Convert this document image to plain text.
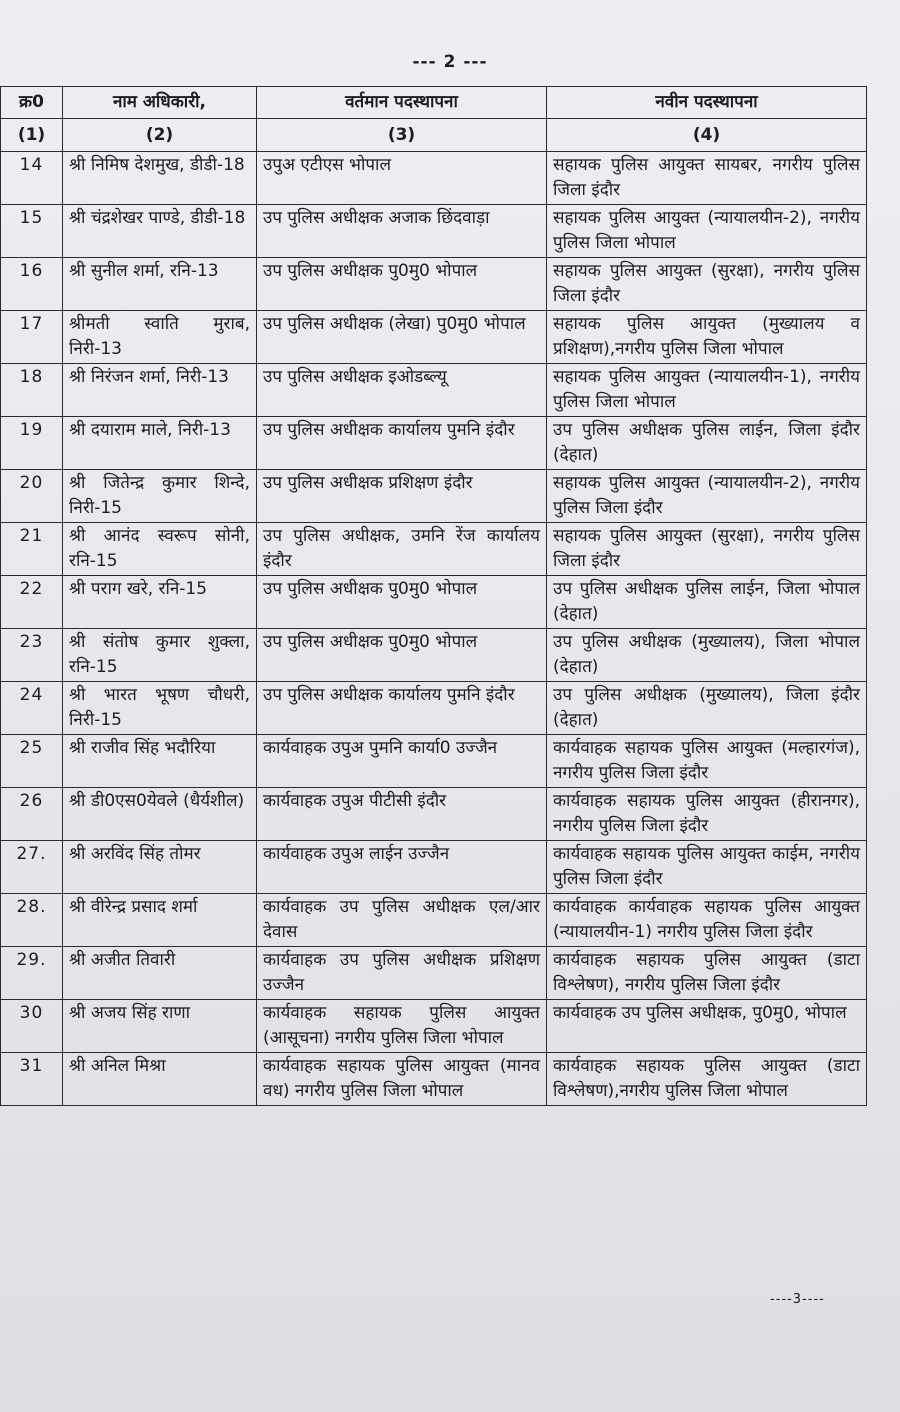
--- 2 ---
क्र0	नाम अधिकारी,	वर्तमान पदस्थापना	नवीन पदस्थापना
(1)	(2)	(3)	(4)
14	श्री निमिष देशमुख, डीडी-18	उपुअ एटीएस भोपाल	सहायक पुलिस आयुक्त सायबर, नगरीय पुलिस जिला इंदौर
15	श्री चंद्रशेखर पाण्डे, डीडी-18	उप पुलिस अधीक्षक अजाक छिंदवाड़ा	सहायक पुलिस आयुक्त (न्यायालयीन-2), नगरीय पुलिस जिला भोपाल
16	श्री सुनील शर्मा, रनि-13	उप पुलिस अधीक्षक पु0मु0 भोपाल	सहायक पुलिस आयुक्त (सुरक्षा), नगरीय पुलिस जिला इंदौर
17	श्रीमती स्वाति मुराब, निरी-13	उप पुलिस अधीक्षक (लेखा) पु0मु0 भोपाल	सहायक पुलिस आयुक्त (मुख्यालय व प्रशिक्षण),नगरीय पुलिस जिला भोपाल
18	श्री निरंजन शर्मा, निरी-13	उप पुलिस अधीक्षक इओडब्ल्यू	सहायक पुलिस आयुक्त (न्यायालयीन-1), नगरीय पुलिस जिला भोपाल
19	श्री दयाराम माले, निरी-13	उप पुलिस अधीक्षक कार्यालय पुमनि इंदौर	उप पुलिस अधीक्षक पुलिस लाईन, जिला इंदौर (देहात)
20	श्री जितेन्द्र कुमार शिन्दे, निरी-15	उप पुलिस अधीक्षक प्रशिक्षण इंदौर	सहायक पुलिस आयुक्त (न्यायालयीन-2), नगरीय पुलिस जिला इंदौर
21	श्री आनंद स्वरूप सोनी, रनि-15	उप पुलिस अधीक्षक, उमनि रेंज कार्यालय इंदौर	सहायक पुलिस आयुक्त (सुरक्षा), नगरीय पुलिस जिला इंदौर
22	श्री पराग खरे, रनि-15	उप पुलिस अधीक्षक पु0मु0 भोपाल	उप पुलिस अधीक्षक पुलिस लाईन, जिला भोपाल (देहात)
23	श्री संतोष कुमार शुक्ला, रनि-15	उप पुलिस अधीक्षक पु0मु0 भोपाल	उप पुलिस अधीक्षक (मुख्यालय), जिला भोपाल (देहात)
24	श्री भारत भूषण चौधरी, निरी-15	उप पुलिस अधीक्षक कार्यालय पुमनि इंदौर	उप पुलिस अधीक्षक (मुख्यालय), जिला इंदौर (देहात)
25	श्री राजीव सिंह भदौरिया	कार्यवाहक उपुअ पुमनि कार्या0 उज्जैन	कार्यवाहक सहायक पुलिस आयुक्त (मल्हारगंज), नगरीय पुलिस जिला इंदौर
26	श्री डी0एस0येवले (धैर्यशील)	कार्यवाहक उपुअ पीटीसी इंदौर	कार्यवाहक सहायक पुलिस आयुक्त (हीरानगर), नगरीय पुलिस जिला इंदौर
27.	श्री अरविंद सिंह तोमर	कार्यवाहक उपुअ लाईन उज्जैन	कार्यवाहक सहायक पुलिस आयुक्त काईम, नगरीय पुलिस जिला इंदौर
28.	श्री वीरेन्द्र प्रसाद शर्मा	कार्यवाहक उप पुलिस अधीक्षक एल/आर देवास	कार्यवाहक कार्यवाहक सहायक पुलिस आयुक्त (न्यायालयीन-1) नगरीय पुलिस जिला इंदौर
29.	श्री अजीत तिवारी	कार्यवाहक उप पुलिस अधीक्षक प्रशिक्षण उज्जैन	कार्यवाहक सहायक पुलिस आयुक्त (डाटा विश्लेषण), नगरीय पुलिस जिला इंदौर
30	श्री अजय सिंह राणा	कार्यवाहक सहायक पुलिस आयुक्त (आसूचना) नगरीय पुलिस जिला भोपाल	कार्यवाहक उप पुलिस अधीक्षक, पु0मु0, भोपाल
31	श्री अनिल मिश्रा	कार्यवाहक सहायक पुलिस आयुक्त (मानव वध) नगरीय पुलिस जिला भोपाल	कार्यवाहक सहायक पुलिस आयुक्त (डाटा विश्लेषण),नगरीय पुलिस जिला भोपाल
----3----
